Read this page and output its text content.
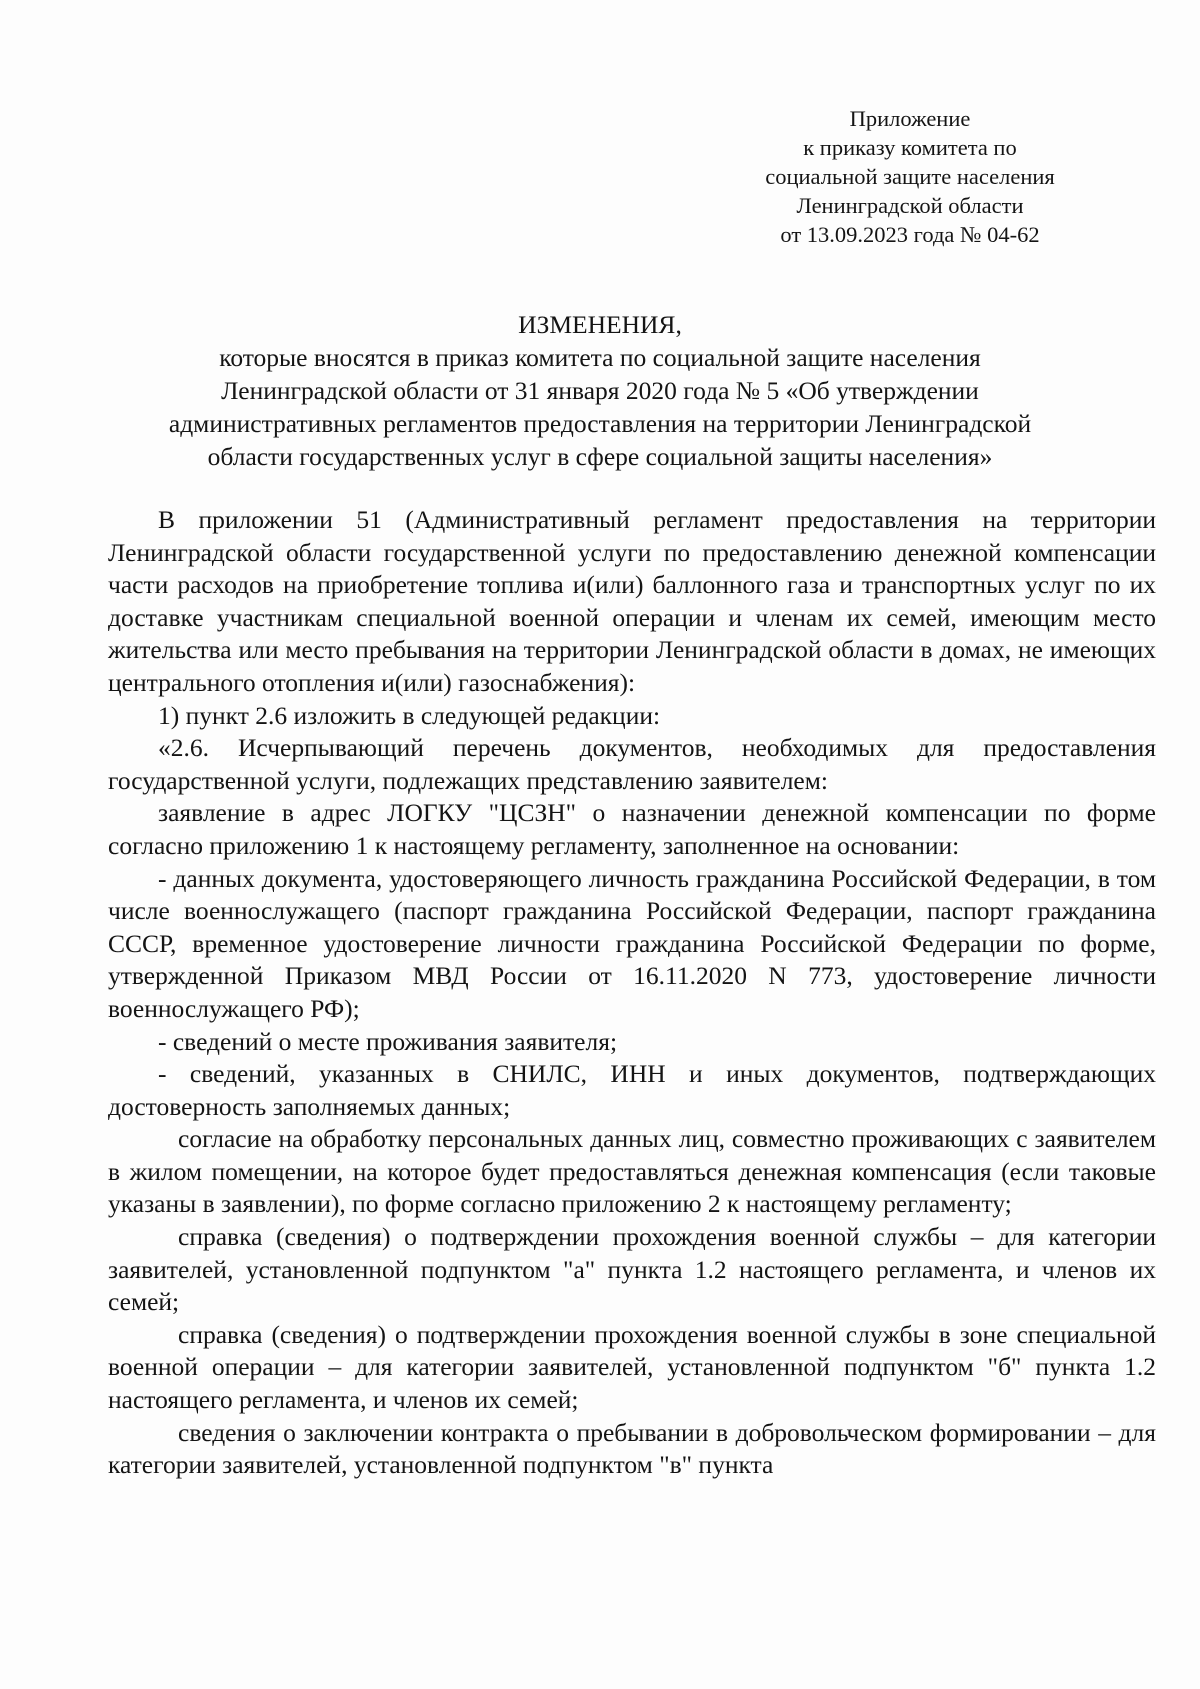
Приложение
к приказу комитета по
социальной защите населения
Ленинградской области
от 13.09.2023 года № 04-62
ИЗМЕНЕНИЯ,
которые вносятся в приказ комитета по социальной защите населения
Ленинградской области от 31 января 2020 года № 5 «Об утверждении
административных регламентов предоставления на территории Ленинградской
области государственных услуг в сфере социальной защиты населения»

В приложении 51 (Административный регламент предоставления на территории Ленинградской области государственной услуги по предоставлению денежной компенсации части расходов на приобретение топлива и(или) баллонного газа и транспортных услуг по их доставке участникам специальной военной операции и членам их семей, имеющим место жительства или место пребывания на территории Ленинградской области в домах, не имеющих центрального отопления и(или) газоснабжения):

1) пункт 2.6 изложить в следующей редакции:

«2.6. Исчерпывающий перечень документов, необходимых для предоставления государственной услуги, подлежащих представлению заявителем:

заявление в адрес ЛОГКУ "ЦСЗН" о назначении денежной компенсации по форме согласно приложению 1 к настоящему регламенту, заполненное на основании:

- данных документа, удостоверяющего личность гражданина Российской Федерации, в том числе военнослужащего (паспорт гражданина Российской Федерации, паспорт гражданина СССР, временное удостоверение личности гражданина Российской Федерации по форме, утвержденной Приказом МВД России от 16.11.2020 N 773, удостоверение личности военнослужащего РФ);

- сведений о месте проживания заявителя;

- сведений, указанных в СНИЛС, ИНН и иных документов, подтверждающих достоверность заполняемых данных;

согласие на обработку персональных данных лиц, совместно проживающих с заявителем в жилом помещении, на которое будет предоставляться денежная компенсация (если таковые указаны в заявлении), по форме согласно приложению 2 к настоящему регламенту;

справка (сведения) о подтверждении прохождения военной службы – для категории заявителей, установленной подпунктом "а" пункта 1.2 настоящего регламента, и членов их семей;

справка (сведения) о подтверждении прохождения военной службы в зоне специальной военной операции – для категории заявителей, установленной подпунктом "б" пункта 1.2 настоящего регламента, и членов их семей;

сведения о заключении контракта о пребывании в добровольческом формировании – для категории заявителей, установленной подпунктом "в" пункта
